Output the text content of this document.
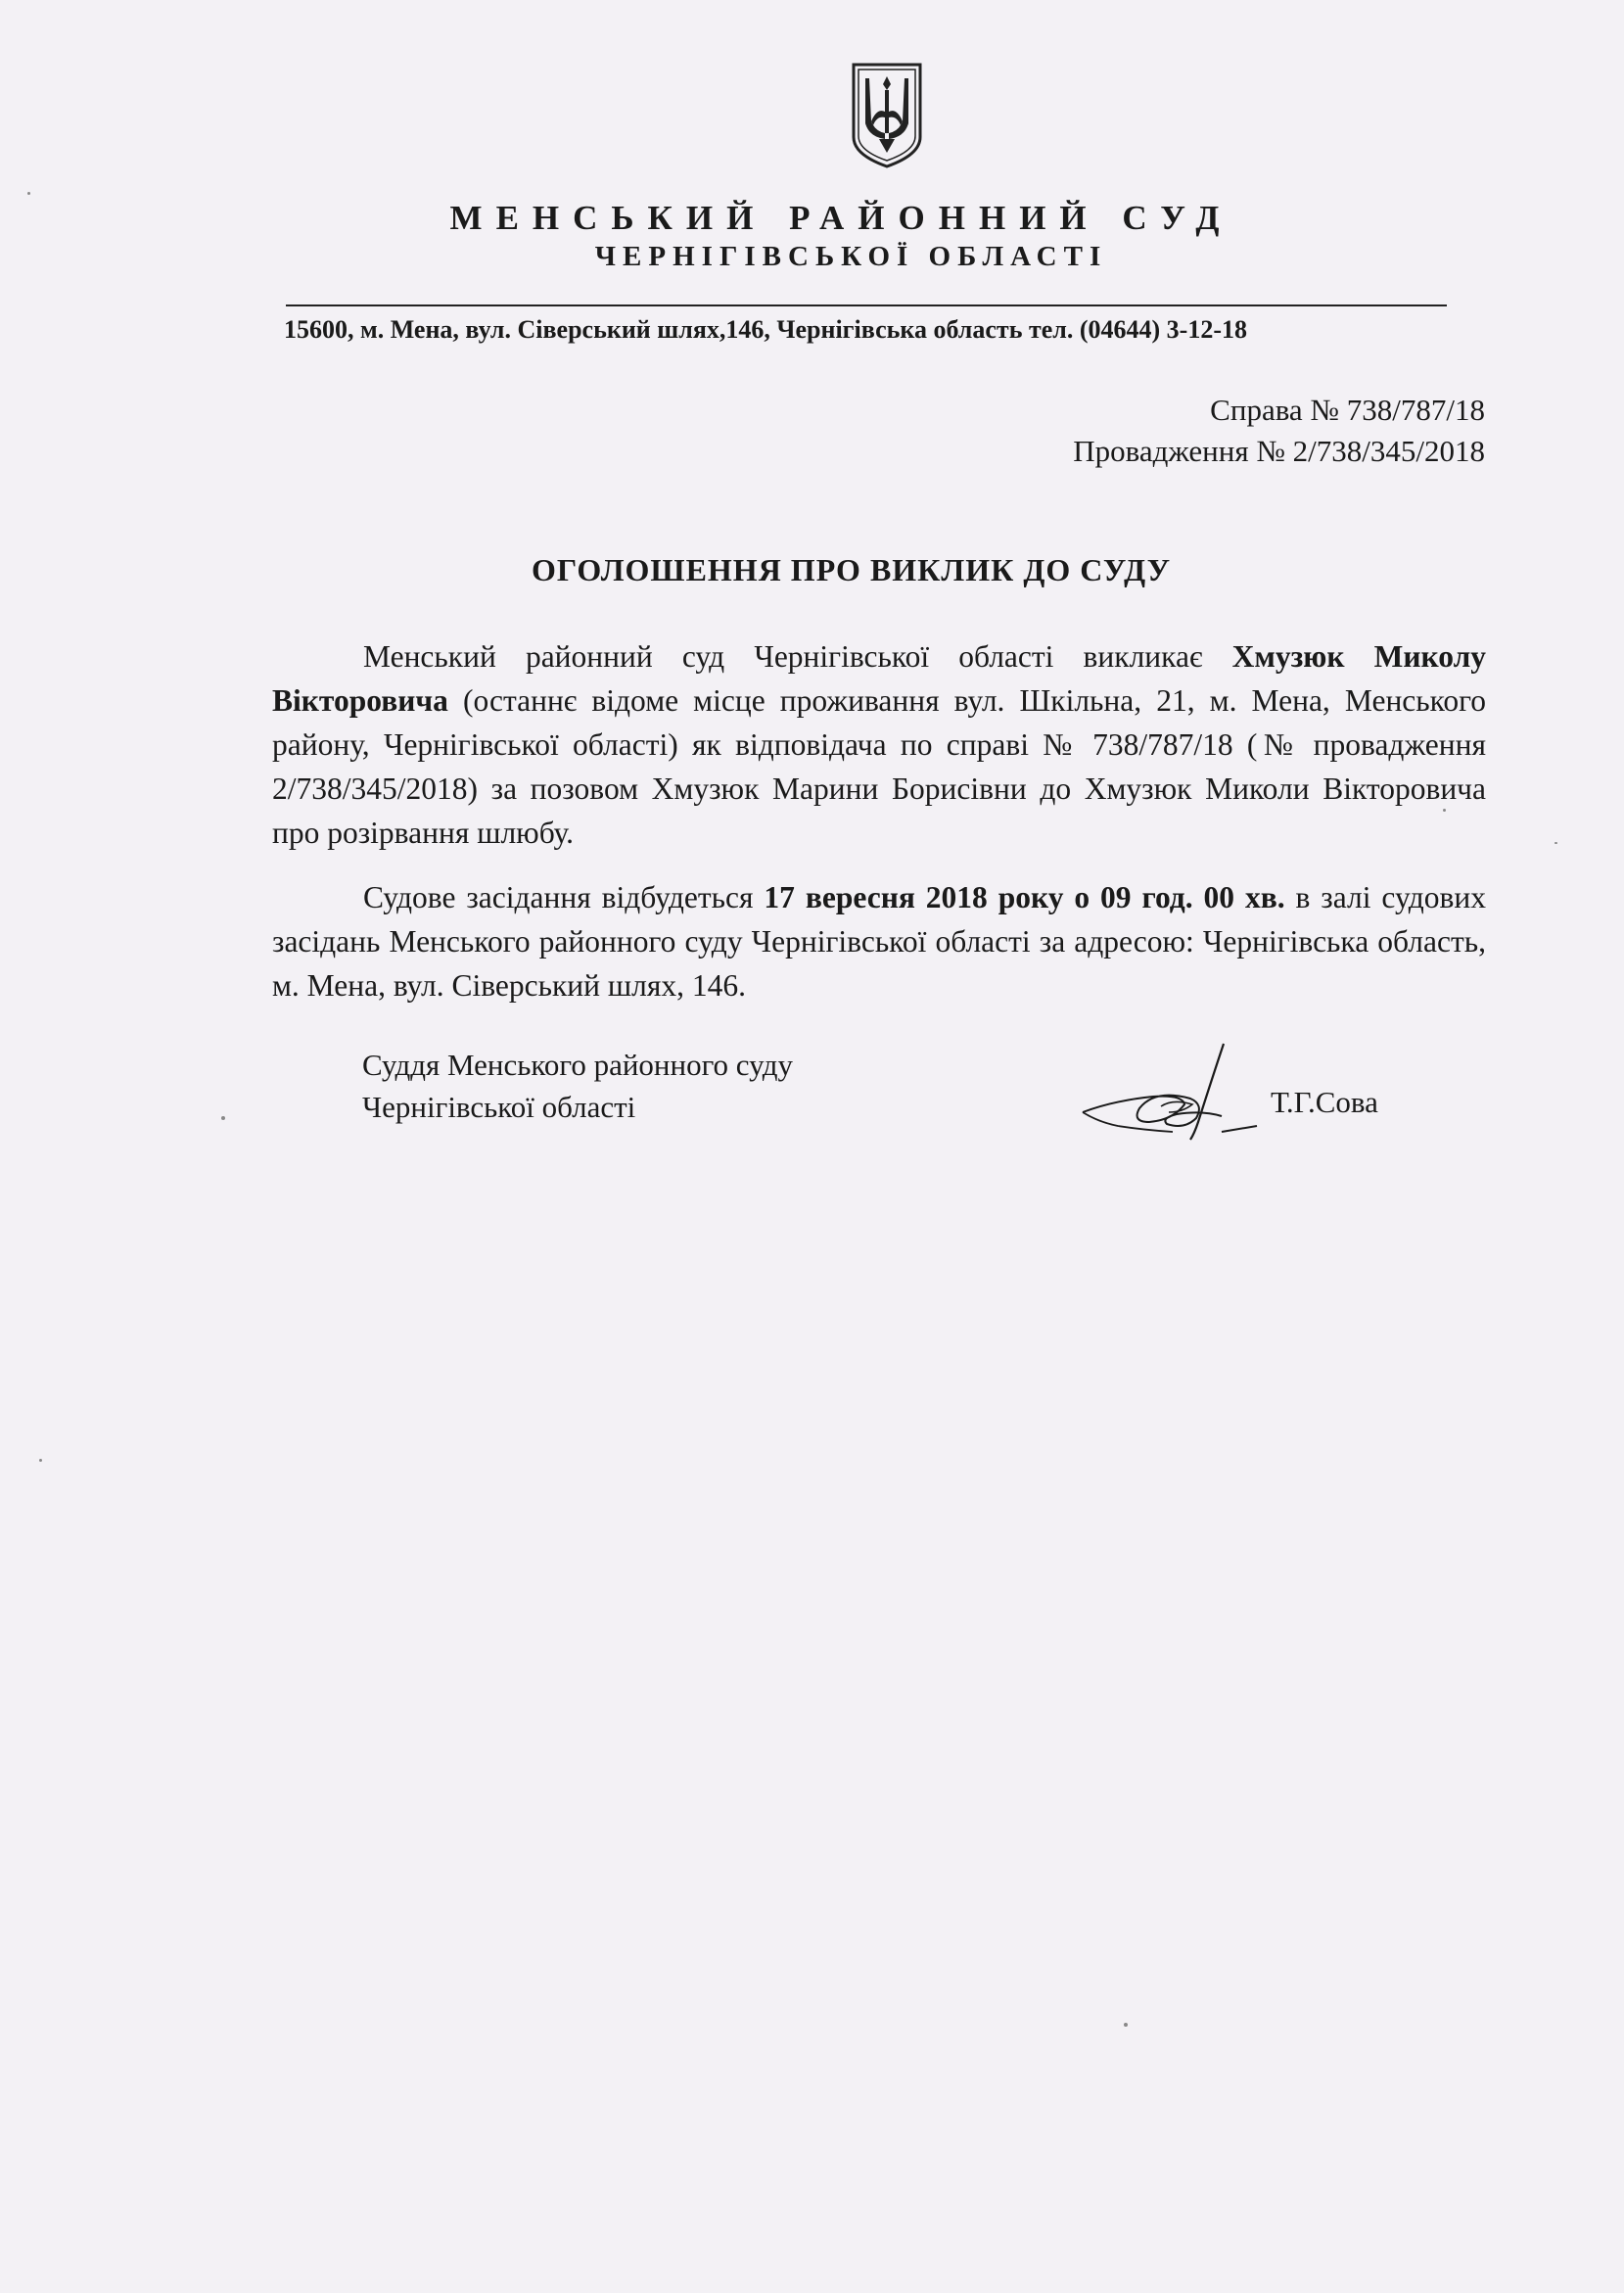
МЕНСЬКИЙ РАЙОННИЙ СУД
ЧЕРНІГІВСЬКОЇ ОБЛАСТІ
15600, м. Мена, вул. Сіверський шлях,146, Чернігівська область тел. (04644) 3-12-18
Справа № 738/787/18
Провадження № 2/738/345/2018
ОГОЛОШЕННЯ ПРО ВИКЛИК ДО СУДУ

Менський районний суд Чернігівської області викликає Хмузюк Миколу Вікторовича (останнє відоме місце проживання вул. Шкільна, 21, м. Мена, Менського району, Чернігівської області) як відповідача по справі № 738/787/18 (№ провадження 2/738/345/2018) за позовом Хмузюк Марини Борисівни до Хмузюк Миколи Вікторовича про розірвання шлюбу.

Судове засідання відбудеться 17 вересня 2018 року о 09 год. 00 хв. в залі судових засідань Менського районного суду Чернігівської області за адресою: Чернігівська область, м. Мена, вул. Сіверський шлях, 146.

Суддя Менського районного суду
Чернігівської області	Т.Г.Сова
